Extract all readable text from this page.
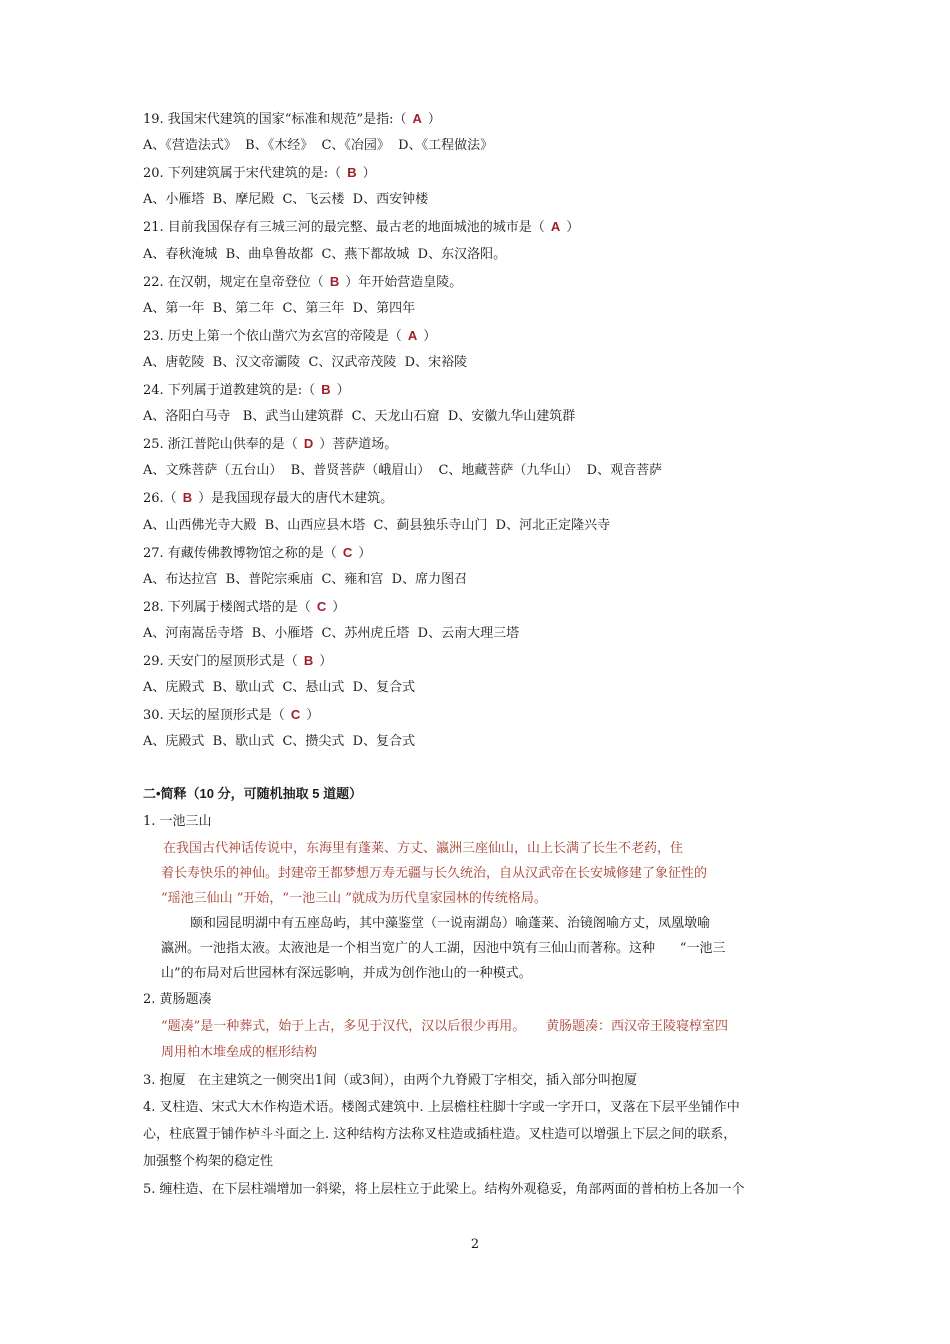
19. 我国宋代建筑的国家“标准和规范”是指:（ A ）
A、《营造法式》  B、《木经》  C、《冶园》  D、《工程做法》
20. 下列建筑属于宋代建筑的是:（ B ）
A、小雁塔  B、摩尼殿  C、飞云楼  D、西安钟楼
21. 目前我国保存有三城三河的最完整、最古老的地面城池的城市是（ A ）
A、春秋淹城  B、曲阜鲁故都  C、燕下都故城  D、东汉洛阳。
22. 在汉朝，规定在皇帝登位（ B ）年开始营造皇陵。
A、第一年  B、第二年  C、第三年  D、第四年
23. 历史上第一个依山凿穴为玄宫的帝陵是（ A ）
A、唐乾陵  B、汉文帝灞陵  C、汉武帝茂陵  D、宋裕陵
24. 下列属于道教建筑的是:（ B ）
A、洛阳白马寺   B、武当山建筑群  C、天龙山石窟  D、安徽九华山建筑群
25. 浙江普陀山供奉的是（ D ）菩萨道场。
A、文殊菩萨（五台山）  B、普贤菩萨（峨眉山）  C、地藏菩萨（九华山）  D、观音菩萨
26.（ B ）是我国现存最大的唐代木建筑。
A、山西佛光寺大殿  B、山西应县木塔  C、蓟县独乐寺山门  D、河北正定隆兴寺
27. 有藏传佛教博物馆之称的是（ C ）
A、布达拉宫  B、普陀宗乘庙  C、雍和宫  D、席力图召
28. 下列属于楼阁式塔的是（ C ）
A、河南嵩岳寺塔  B、小雁塔  C、苏州虎丘塔  D、云南大理三塔
29. 天安门的屋顶形式是（ B ）
A、庑殿式  B、歇山式  C、悬山式  D、复合式
30. 天坛的屋顶形式是（ C ）
A、庑殿式  B、歇山式  C、攒尖式  D、复合式
二•简释（10 分，可随机抽取 5 道题）
1. 一池三山
在我国古代神话传说中，东海里有蓬莱、方丈、瀛洲三座仙山，山上长满了长生不老药，住
着长寿快乐的神仙。封建帝王都梦想万寿无疆与长久统治，自从汉武帝在长安城修建了象征性的
“瑶池三仙山 ”开始，“一池三山 ”就成为历代皇家园林的传统格局。
颐和园昆明湖中有五座岛屿，其中藻鉴堂（一说南湖岛）喻蓬莱、治镜阁喻方丈，凤凰墩喻
瀛洲。一池指太液。太液池是一个相当宽广的人工湖，因池中筑有三仙山而著称。这种      “一池三
山”的布局对后世园林有深远影响，并成为创作池山的一种模式。
2. 黄肠题凑
“题凑”是一种葬式，始于上古，多见于汉代，汉以后很少再用。     黄肠题凑：西汉帝王陵寝椁室四
周用柏木堆垒成的框形结构
3. 抱厦   在主建筑之一侧突出1间（或3间），由两个九脊殿丁字相交，插入部分叫抱厦
4. 叉柱造、宋式大木作构造术语。楼阁式建筑中. 上层檐柱柱脚十字或一字开口，叉落在下层平坐铺作中
心，柱底置于铺作栌斗斗面之上. 这种结构方法称叉柱造或插柱造。叉柱造可以增强上下层之间的联系，
加强整个构架的稳定性
5. 缠柱造、在下层柱端增加一斜梁，将上层柱立于此梁上。结构外观稳妥，角部两面的普柏枋上各加一个
2
